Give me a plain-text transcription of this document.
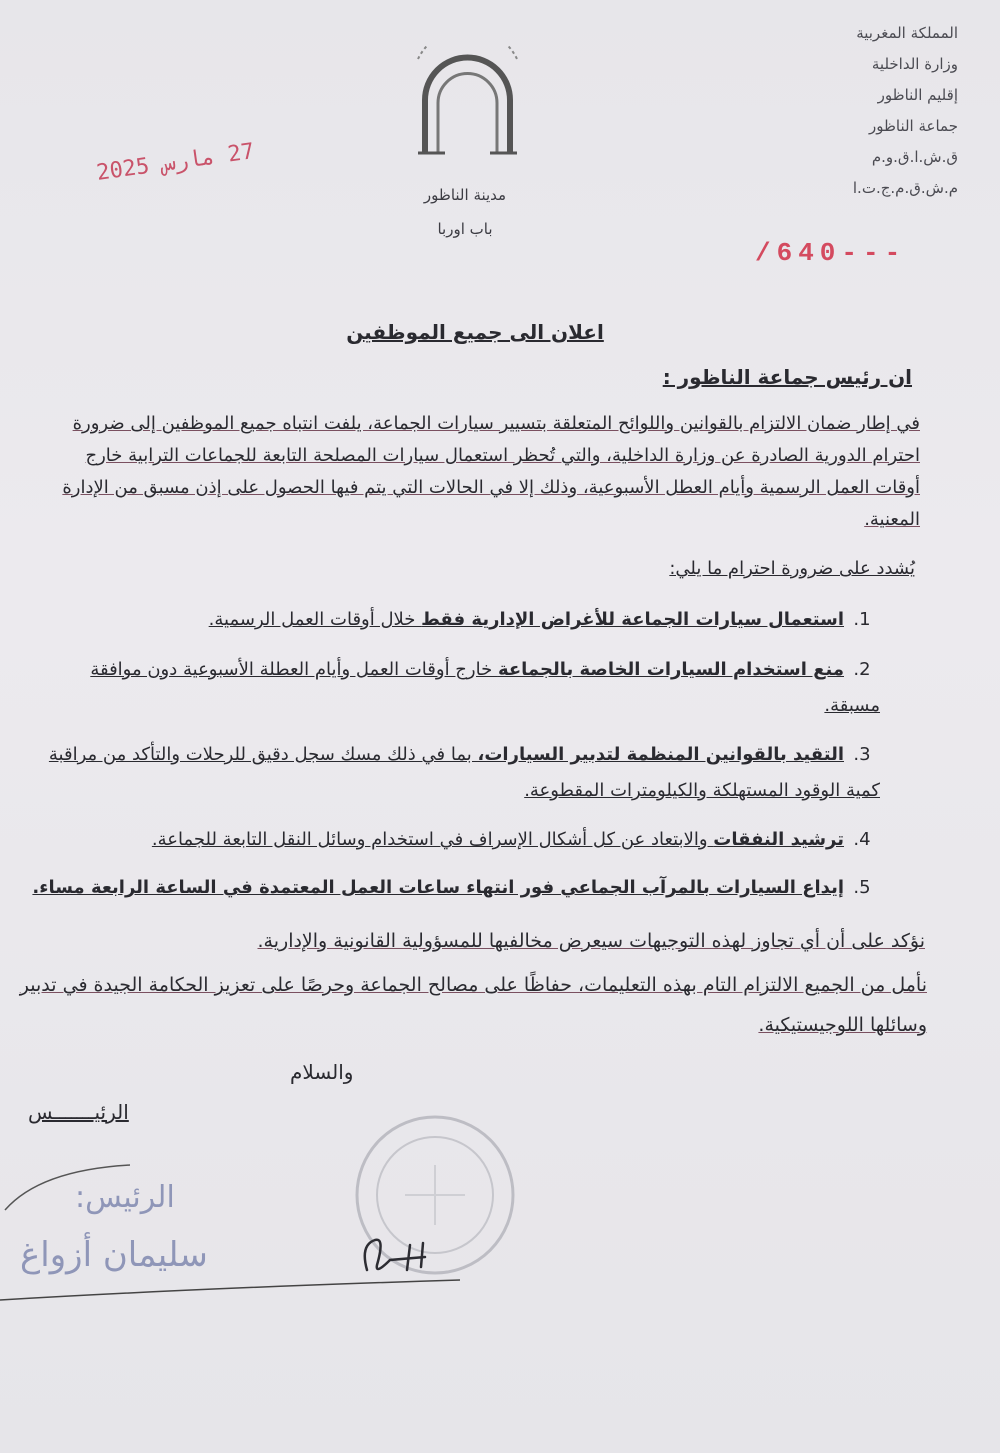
المملكة المغربية
وزارة الداخلية
إقليم الناظور
جماعة الناظور
ق.ش.ا.ق.و.م
م.ش.ق.م.ج.ت.ا
مدينة الناظور
باب اوربا
27 مارس 2025
/640---
اعلان الى جميع الموظفين
ان رئيس جماعة الناظور :
في إطار ضمان الالتزام بالقوانين واللوائح المتعلقة بتسيير سيارات الجماعة، يلفت انتباه جميع الموظفين إلى ضرورة احترام الدورية الصادرة عن وزارة الداخلية، والتي تُحظر استعمال سيارات المصلحة التابعة للجماعات الترابية خارج أوقات العمل الرسمية وأيام العطل الأسبوعية، وذلك إلا في الحالات التي يتم فيها الحصول على إذن مسبق من الإدارة المعنية.
يُشدد على ضرورة احترام ما يلي:
1.استعمال سيارات الجماعة للأغراض الإدارية فقط خلال أوقات العمل الرسمية.
2.منع استخدام السيارات الخاصة بالجماعة خارج أوقات العمل وأيام العطلة الأسبوعية دون موافقة مسبقة.
3.التقيد بالقوانين المنظمة لتدبير السيارات، بما في ذلك مسك سجل دقيق للرحلات والتأكد من مراقبة كمية الوقود المستهلكة والكيلومترات المقطوعة.
4.ترشيد النفقات والابتعاد عن كل أشكال الإسراف في استخدام وسائل النقل التابعة للجماعة.
5.إيداع السيارات بالمرآب الجماعي فور انتهاء ساعات العمل المعتمدة في الساعة الرابعة مساء.
نؤكد على أن أي تجاوز لهذه التوجيهات سيعرض مخالفيها للمسؤولية القانونية والإدارية.
نأمل من الجميع الالتزام التام بهذه التعليمات، حفاظًا على مصالح الجماعة وحرصًا على تعزيز الحكامة الجيدة في تدبير وسائلها اللوجيستيكية.
والسلام
الرئيـــــــس
الرئيس:
سليمان أزواغ
